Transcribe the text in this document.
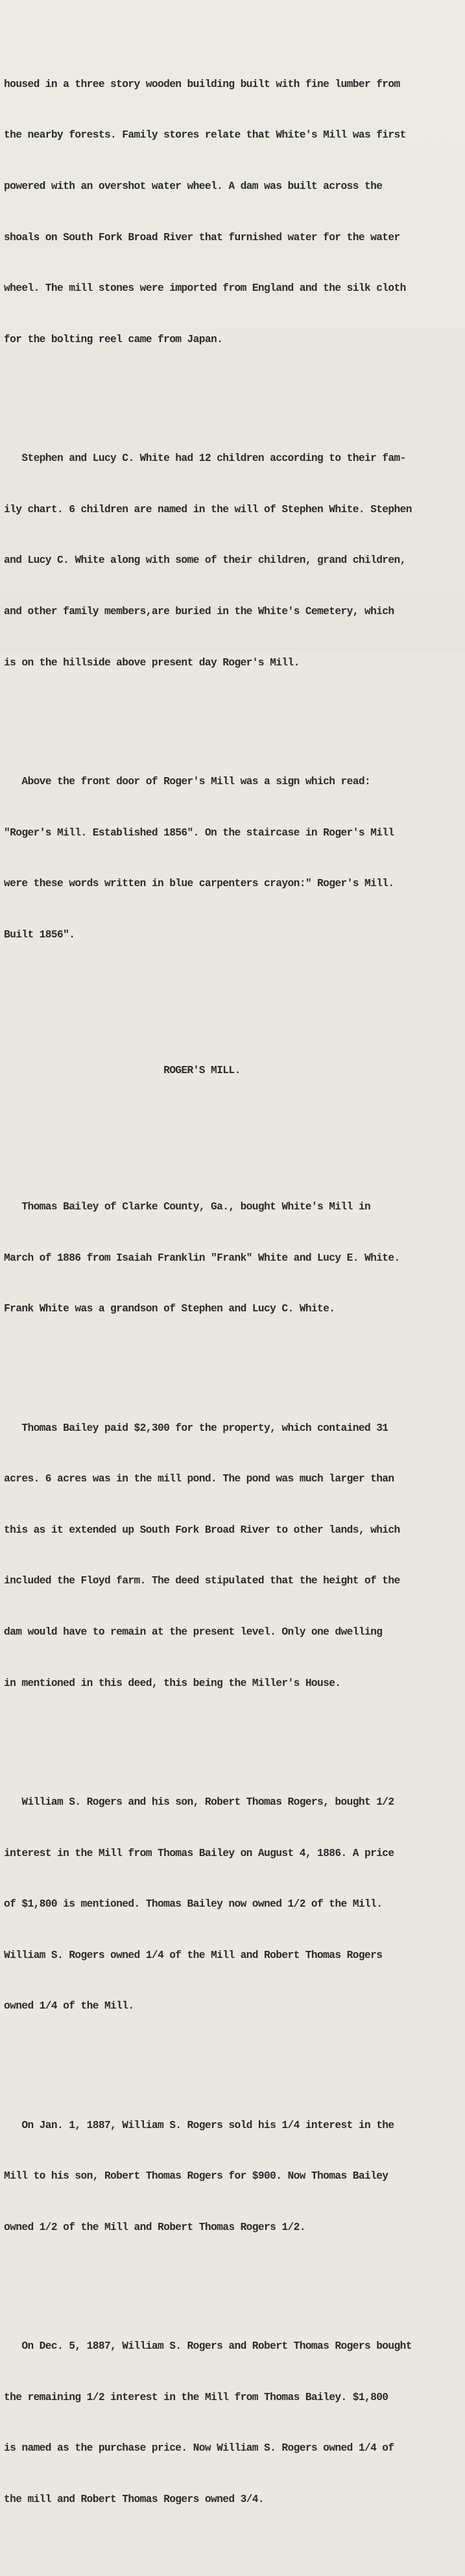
housed in a three story wooden building built with fine lumber from

the nearby forests. Family stores relate that White's Mill was first

powered with an overshot water wheel. A dam was built across the

shoals on South Fork Broad River that furnished water for the water

wheel. The mill stones were imported from England and the silk cloth

for the bolting reel came from Japan.

Stephen and Lucy C. White had 12 children according to their fam-

ily chart. 6 children are named in the will of Stephen White. Stephen

and Lucy C. White along with some of their children, grand children,

and other family members,are buried in the White's Cemetery, which

is on the hillside above present day Roger's Mill.

Above the front door of Roger's Mill was a sign which read:

"Roger's Mill. Established 1856". On the staircase in Roger's Mill

were these words written in blue carpenters crayon:" Roger's Mill.

Built 1856".

ROGER'S MILL.

Thomas Bailey of Clarke County, Ga., bought White's Mill in

March of 1886 from Isaiah Franklin "Frank" White and Lucy E. White.

Frank White was a grandson of Stephen and Lucy C. White.

Thomas Bailey paid $2,300 for the property, which contained 31

acres. 6 acres was in the mill pond. The pond was much larger than

this as it extended up South Fork Broad River to other lands, which

included the Floyd farm. The deed stipulated that the height of the

dam would have to remain at the present level. Only one dwelling

in mentioned in this deed, this being the Miller's House.

William S. Rogers and his son, Robert Thomas Rogers, bought 1/2

interest in the Mill from Thomas Bailey on August 4, 1886. A price

of $1,800 is mentioned. Thomas Bailey now owned 1/2 of the Mill.

William S. Rogers owned 1/4 of the Mill and Robert Thomas Rogers

owned 1/4 of the Mill.

On Jan. 1, 1887, William S. Rogers sold his 1/4 interest in the

Mill to his son, Robert Thomas Rogers for $900. Now Thomas Bailey

owned 1/2 of the Mill and Robert Thomas Rogers 1/2.

On Dec. 5, 1887, William S. Rogers and Robert Thomas Rogers bought

the remaining 1/2 interest in the Mill from Thomas Bailey. $1,800

is named as the purchase price. Now William S. Rogers owned 1/4 of

the mill and Robert Thomas Rogers owned 3/4.
